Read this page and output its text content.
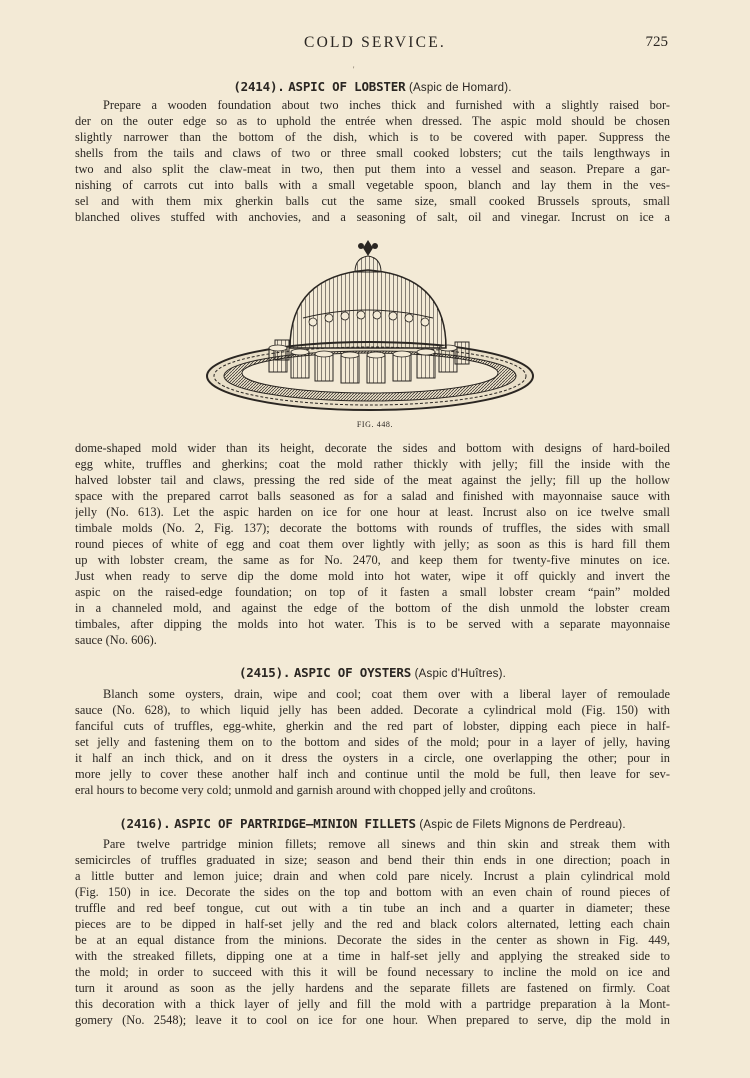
COLD SERVICE.	725
'
(2414). ASPIC OF LOBSTER (Aspic de Homard).
Prepare a wooden foundation about two inches thick and furnished with a slightly raised bor-
der on the outer edge so as to uphold the entrée when dressed. The aspic mold should be chosen
slightly narrower than the bottom of the dish, which is to be covered with paper. Suppress the
shells from the tails and claws of two or three small cooked lobsters; cut the tails lengthways in
two and also split the claw-meat in two, then put them into a vessel and season. Prepare a gar-
nishing of carrots cut into balls with a small vegetable spoon, blanch and lay them in the ves-
sel and with them mix gherkin balls cut the same size, small cooked Brussels sprouts, small
blanched olives stuffed with anchovies, and a seasoning of salt, oil and vinegar. Incrust on ice a
FIG. 448.
dome-shaped mold wider than its height, decorate the sides and bottom with designs of hard-boiled
egg white, truffles and gherkins; coat the mold rather thickly with jelly; fill the inside with the
halved lobster tail and claws, pressing the red side of the meat against the jelly; fill up the hollow
space with the prepared carrot balls seasoned as for a salad and finished with mayonnaise sauce with
jelly (No. 613). Let the aspic harden on ice for one hour at least. Incrust also on ice twelve small
timbale molds (No. 2, Fig. 137); decorate the bottoms with rounds of truffles, the sides with small
round pieces of white of egg and coat them over lightly with jelly; as soon as this is hard fill them
up with lobster cream, the same as for No. 2470, and keep them for twenty-five minutes on ice.
Just when ready to serve dip the dome mold into hot water, wipe it off quickly and invert the
aspic on the raised-edge foundation; on top of it fasten a small lobster cream “pain” molded
in a channeled mold, and against the edge of the bottom of the dish unmold the lobster cream
timbales, after dipping the molds into hot water. This is to be served with a separate mayonnaise
sauce (No. 606).
(2415). ASPIC OF OYSTERS (Aspic d'Huîtres).
Blanch some oysters, drain, wipe and cool; coat them over with a liberal layer of remoulade
sauce (No. 628), to which liquid jelly has been added. Decorate a cylindrical mold (Fig. 150) with
fanciful cuts of truffles, egg-white, gherkin and the red part of lobster, dipping each piece in half-
set jelly and fastening them on to the bottom and sides of the mold; pour in a layer of jelly, having
it half an inch thick, and on it dress the oysters in a circle, one overlapping the other; pour in
more jelly to cover these another half inch and continue until the mold be full, then leave for sev-
eral hours to become very cold; unmold and garnish around with chopped jelly and croûtons.
(2416). ASPIC OF PARTRIDGE—MINION FILLETS (Aspic de Filets Mignons de Perdreau).
Pare twelve partridge minion fillets; remove all sinews and thin skin and streak them with
semicircles of truffles graduated in size; season and bend their thin ends in one direction; poach in
a little butter and lemon juice; drain and when cold pare nicely. Incrust a plain cylindrical mold
(Fig. 150) in ice. Decorate the sides on the top and bottom with an even chain of round pieces of
truffle and red beef tongue, cut out with a tin tube an inch and a quarter in diameter; these
pieces are to be dipped in half-set jelly and the red and black colors alternated, letting each chain
be at an equal distance from the minions. Decorate the sides in the center as shown in Fig. 449,
with the streaked fillets, dipping one at a time in half-set jelly and applying the streaked side to
the mold; in order to succeed with this it will be found necessary to incline the mold on ice and
turn it around as soon as the jelly hardens and the separate fillets are fastened on firmly. Coat
this decoration with a thick layer of jelly and fill the mold with a partridge preparation à la Mont-
gomery (No. 2548); leave it to cool on ice for one hour. When prepared to serve, dip the mold in
